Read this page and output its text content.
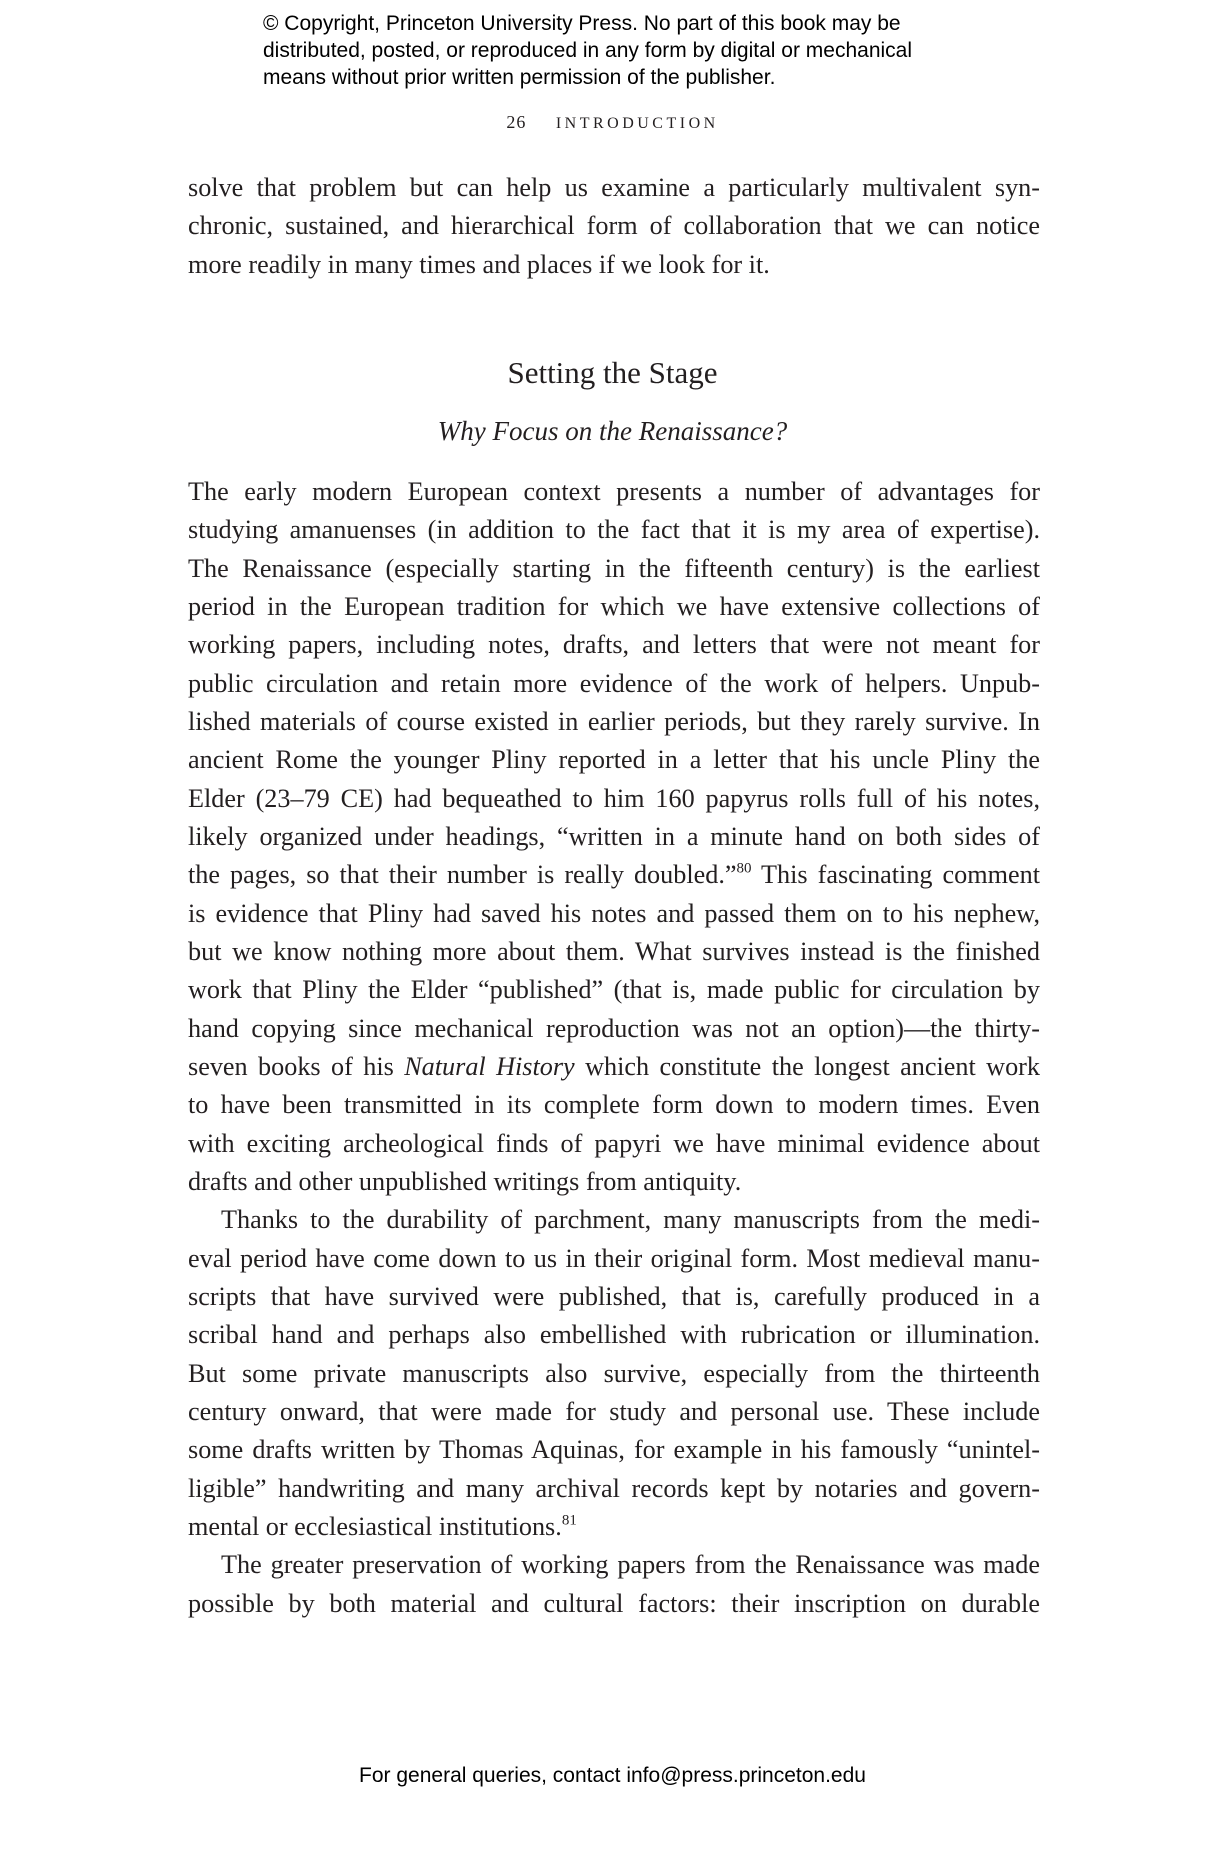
© Copyright, Princeton University Press. No part of this book may be
distributed, posted, or reproduced in any form by digital or mechanical
means without prior written permission of the publisher.
26 INTRODUCTION
solve that problem but can help us examine a particularly multivalent syn-
chronic, sustained, and hierarchical form of collaboration that we can notice
more readily in many times and places if we look for it.
Setting the Stage
Why Focus on the Renaissance?
The early modern European context presents a number of advantages for
studying amanuenses (in addition to the fact that it is my area of expertise).
The Renaissance (especially starting in the fifteenth century) is the earliest
period in the European tradition for which we have extensive collections of
working papers, including notes, drafts, and letters that were not meant for
public circulation and retain more evidence of the work of helpers. Unpub-
lished materials of course existed in earlier periods, but they rarely survive. In
ancient Rome the younger Pliny reported in a letter that his uncle Pliny the
Elder (23–79 CE) had bequeathed to him 160 papyrus rolls full of his notes,
likely organized under headings, “written in a minute hand on both sides of
the pages, so that their number is really doubled.”$^{80}$ This fascinating comment
is evidence that Pliny had saved his notes and passed them on to his nephew,
but we know nothing more about them. What survives instead is the finished
work that Pliny the Elder “published” (that is, made public for circulation by
hand copying since mechanical reproduction was not an option)—the thirty-
seven books of his Natural History which constitute the longest ancient work
to have been transmitted in its complete form down to modern times. Even
with exciting archeological finds of papyri we have minimal evidence about
drafts and other unpublished writings from antiquity.
Thanks to the durability of parchment, many manuscripts from the medi-
eval period have come down to us in their original form. Most medieval manu-
scripts that have survived were published, that is, carefully produced in a
scribal hand and perhaps also embellished with rubrication or illumination.
But some private manuscripts also survive, especially from the thirteenth
century onward, that were made for study and personal use. These include
some drafts written by Thomas Aquinas, for example in his famously “unintel-
ligible” handwriting and many archival records kept by notaries and govern-
mental or ecclesiastical institutions.$^{81}$
The greater preservation of working papers from the Renaissance was made
possible by both material and cultural factors: their inscription on durable
For general queries, contact info@press.princeton.edu
